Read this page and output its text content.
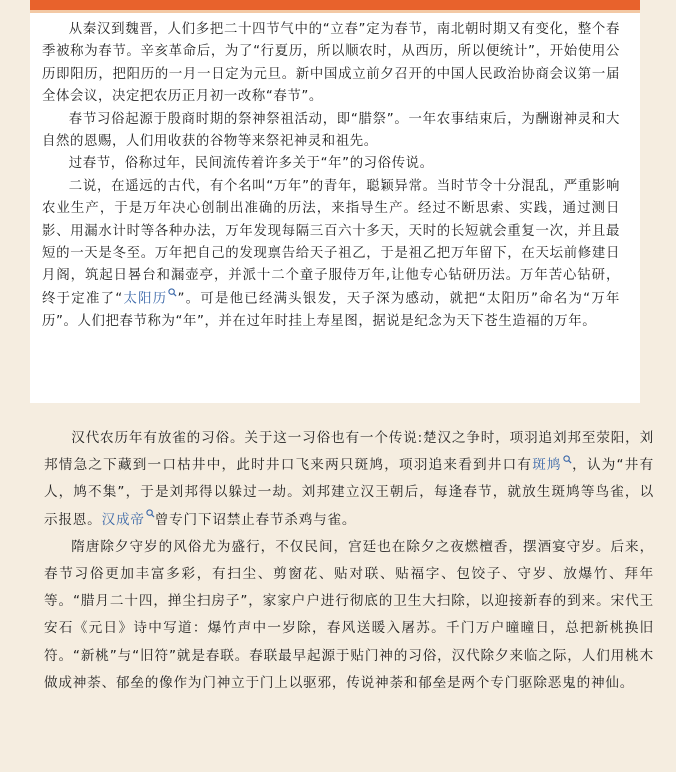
从秦汉到魏晋，人们多把二十四节气中的“立春”定为春节，南北朝时期又有变化，整个春季被称为春节。辛亥革命后，为了“行夏历，所以顺农时，从西历，所以便统计”，开始使用公历即阳历，把阳历的一月一日定为元旦。新中国成立前夕召开的中国人民政治协商会议第一届全体会议，决定把农历正月初一改称“春节”。

春节习俗起源于殷商时期的祭神祭祖活动，即“腊祭”。一年农事结束后，为酬谢神灵和大自然的恩赐，人们用收获的谷物等来祭祀神灵和祖先。

过春节，俗称过年，民间流传着许多关于“年”的习俗传说。

二说，在遥远的古代，有个名叫“万年”的青年，聪颖异常。当时节令十分混乱，严重影响农业生产，于是万年决心创制出准确的历法，来指导生产。经过不断思索、实践，通过测日影、用漏水计时等各种办法，万年发现每隔三百六十多天，天时的长短就会重复一次，并且最短的一天是冬至。万年把自己的发现禀告给天子祖乙，于是祖乙把万年留下，在天坛前修建日月阁，筑起日晷台和漏壶亭，并派十二个童子服侍万年,让他专心钻研历法。万年苦心钻研，终于定准了“太阳历 ”。可是他已经满头银发，天子深为感动，就把“太阳历”命名为“万年历”。人们把春节称为“年”，并在过年时挂上寿星图，据说是纪念为天下苍生造福的万年。

汉代农历年有放雀的习俗。关于这一习俗也有一个传说:楚汉之争时，项羽追刘邦至荥阳，刘邦情急之下藏到一口枯井中，此时井口飞来两只斑鸠，项羽追来看到井口有斑鸠 ，认为“井有人，鸠不集”，于是刘邦得以躲过一劫。刘邦建立汉王朝后，每逢春节，就放生斑鸠等鸟雀，以示报恩。汉成帝 曾专门下诏禁止春节杀鸡与雀。

隋唐除夕守岁的风俗尤为盛行，不仅民间，宫廷也在除夕之夜燃檀香，摆酒宴守岁。后来，春节习俗更加丰富多彩，有扫尘、剪窗花、贴对联、贴福字、包饺子、守岁、放爆竹、拜年等。“腊月二十四，掸尘扫房子”，家家户户进行彻底的卫生大扫除，以迎接新春的到来。宋代王安石《元日》诗中写道：爆竹声中一岁除，春风送暖入屠苏。千门万户曈曈日，总把新桃换旧符。“新桃”与“旧符”就是春联。春联最早起源于贴门神的习俗，汉代除夕来临之际，人们用桃木做成神荼、郁垒的像作为门神立于门上以驱邪，传说神荼和郁垒是两个专门驱除恶鬼的神仙。
